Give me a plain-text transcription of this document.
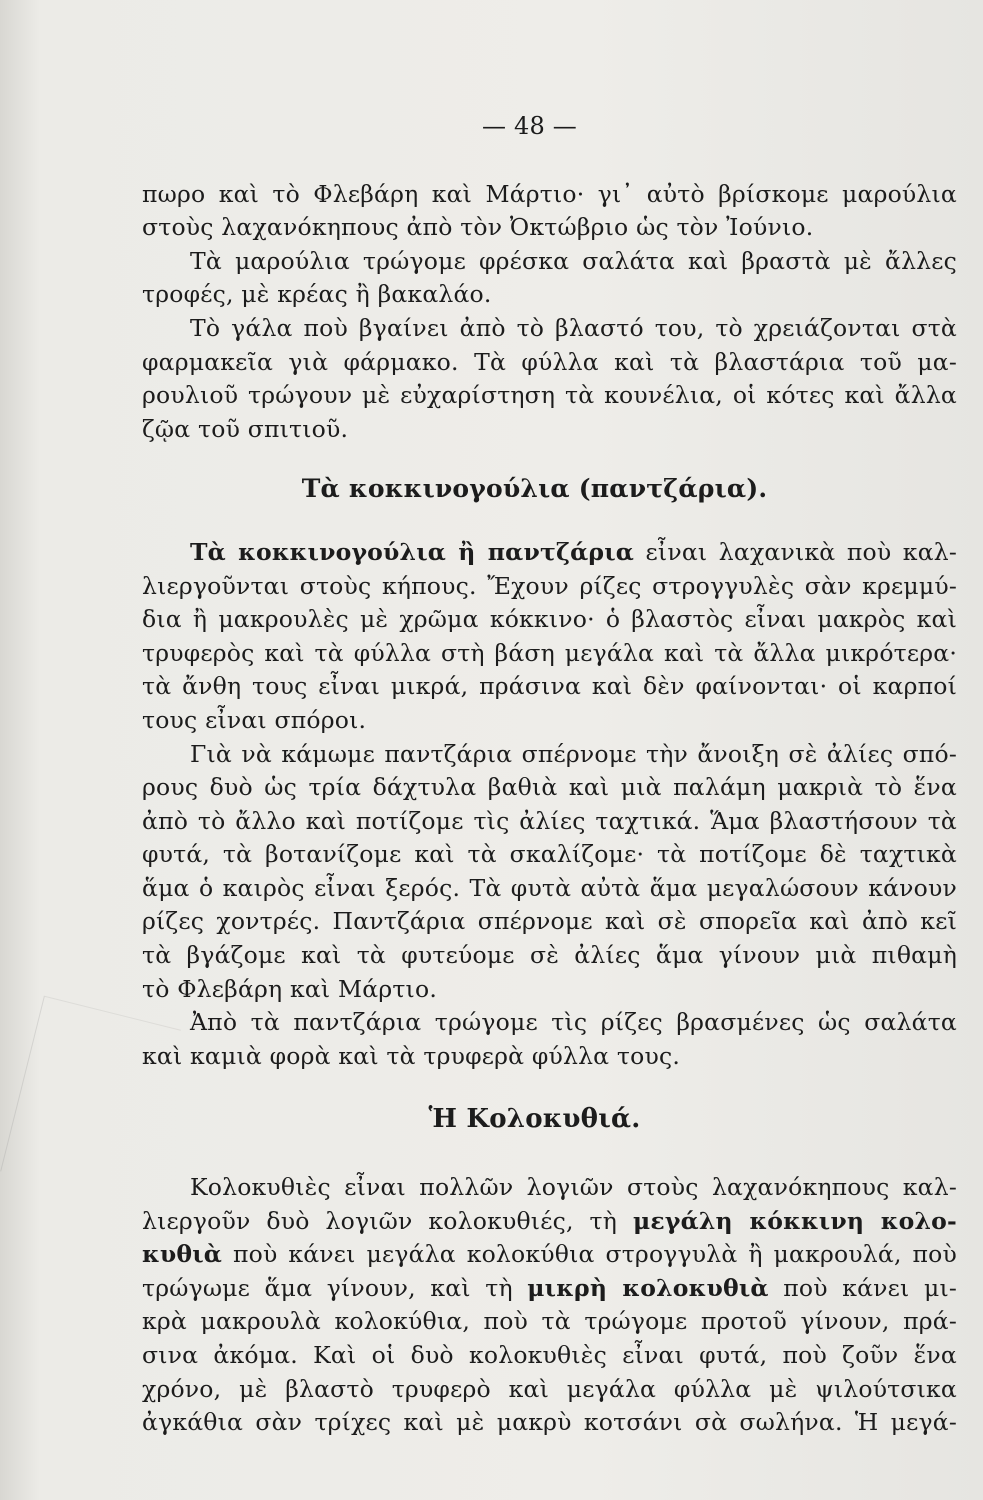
— 48 —
πωρο καὶ τὸ Φλεβάρη καὶ Μάρτιο· γι᾽ αὐτὸ βρίσκομε μαρούλια
στοὺς λαχανόκηπους ἀπὸ τὸν Ὀκτώβριο ὡς τὸν Ἰούνιο.
Τὰ μαρούλια τρώγομε φρέσκα σαλάτα καὶ βραστὰ μὲ ἄλλες
τροφές, μὲ κρέας ἢ βακαλάο.
Τὸ γάλα ποὺ βγαίνει ἀπὸ τὸ βλαστό του, τὸ χρειάζονται στὰ
φαρμακεῖα γιὰ φάρμακο. Τὰ φύλλα καὶ τὰ βλαστάρια τοῦ μα-
ρουλιοῦ τρώγουν μὲ εὐχαρίστηση τὰ κουνέλια, οἱ κότες καὶ ἄλλα
ζῷα τοῦ σπιτιοῦ.
Τὰ κοκκινογούλια (παντζάρια).
Τὰ κοκκινογούλια ἢ παντζάρια εἶναι λαχανικὰ ποὺ καλ-
λιεργοῦνται στοὺς κήπους. Ἔχουν ρίζες στρογγυλὲς σὰν κρεμμύ-
δια ἢ μακρουλὲς μὲ χρῶμα κόκκινο· ὁ βλαστὸς εἶναι μακρὸς καὶ
τρυφερὸς καὶ τὰ φύλλα στὴ βάση μεγάλα καὶ τὰ ἄλλα μικρότερα·
τὰ ἄνθη τους εἶναι μικρά, πράσινα καὶ δὲν φαίνονται· οἱ καρποί
τους εἶναι σπόροι.
Γιὰ νὰ κάμωμε παντζάρια σπέρνομε τὴν ἄνοιξη σὲ ἀλίες σπό-
ρους δυὸ ὡς τρία δάχτυλα βαθιὰ καὶ μιὰ παλάμη μακριὰ τὸ ἕνα
ἀπὸ τὸ ἄλλο καὶ ποτίζομε τὶς ἀλίες ταχτικά. Ἅμα βλαστήσουν τὰ
φυτά, τὰ βοτανίζομε καὶ τὰ σκαλίζομε· τὰ ποτίζομε δὲ ταχτικὰ
ἅμα ὁ καιρὸς εἶναι ξερός. Τὰ φυτὰ αὐτὰ ἅμα μεγαλώσουν κάνουν
ρίζες χοντρές. Παντζάρια σπέρνομε καὶ σὲ σπορεῖα καὶ ἀπὸ κεῖ
τὰ βγάζομε καὶ τὰ φυτεύομε σὲ ἀλίες ἅμα γίνουν μιὰ πιθαμὴ
τὸ Φλεβάρη καὶ Μάρτιο.
Ἀπὸ τὰ παντζάρια τρώγομε τὶς ρίζες βρασμένες ὡς σαλάτα
καὶ καμιὰ φορὰ καὶ τὰ τρυφερὰ φύλλα τους.
Ἡ Κολοκυθιά.
Κολοκυθιὲς εἶναι πολλῶν λογιῶν στοὺς λαχανόκηπους καλ-
λιεργοῦν δυὸ λογιῶν κολοκυθιές, τὴ μεγάλη κόκκινη κολο-
κυθιὰ ποὺ κάνει μεγάλα κολοκύθια στρογγυλὰ ἢ μακρουλά, ποὺ
τρώγωμε ἅμα γίνουν, καὶ τὴ μικρὴ κολοκυθιὰ ποὺ κάνει μι-
κρὰ μακρουλὰ κολοκύθια, ποὺ τὰ τρώγομε προτοῦ γίνουν, πρά-
σινα ἀκόμα. Καὶ οἱ δυὸ κολοκυθιὲς εἶναι φυτά, ποὺ ζοῦν ἕνα
χρόνο, μὲ βλαστὸ τρυφερὸ καὶ μεγάλα φύλλα μὲ ψιλούτσικα
ἀγκάθια σὰν τρίχες καὶ μὲ μακρὺ κοτσάνι σὰ σωλήνα. Ἡ μεγά-
